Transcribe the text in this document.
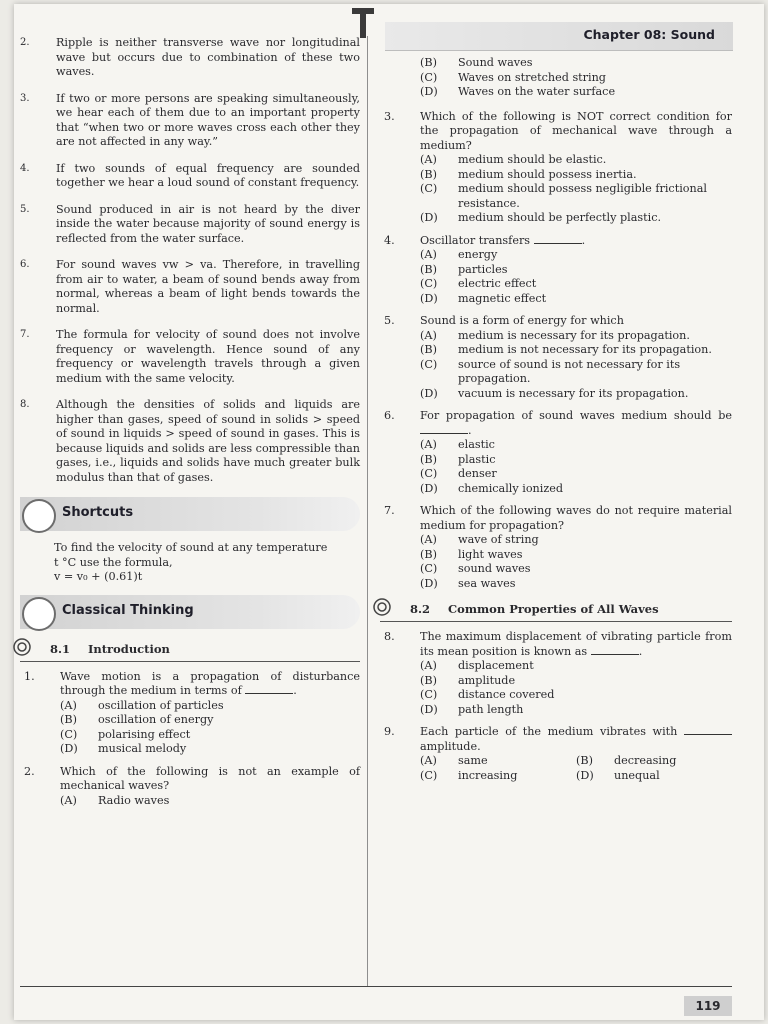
Chapter 08: Sound
2.	Ripple is neither transverse wave nor longitudinal wave but occurs due to combination of these two waves.
3.	If two or more persons are speaking simultaneously, we hear each of them due to an important property that “when two or more waves cross each other they are not affected in any way.”
4.	If two sounds of equal frequency are sounded together we hear a loud sound of constant frequency.
5.	Sound produced in air is not heard by the diver inside the water because majority of sound energy is reflected from the water surface.
6.	For sound waves vw > va. Therefore, in travelling from air to water, a beam of sound bends away from normal, whereas a beam of light bends towards the normal.
7.	The formula for velocity of sound does not involve frequency or wavelength. Hence sound of any frequency or wavelength travels through a given medium with the same velocity.
8.	Although the densities of solids and liquids are higher than gases, speed of sound in solids > speed of sound in liquids > speed of sound in gases. This is because liquids and solids are less compressible than gases, i.e., liquids and solids have much greater bulk modulus than that of gases.
Shortcuts
To find the velocity of sound at any temperature
t °C use the formula,
v = v₀ + (0.61)t
Classical Thinking
8.1 Introduction
1. Wave motion is a propagation of disturbance through the medium in terms of	.
(A)	oscillation of particles
(B)	oscillation of energy
(C)	polarising effect
(D)	musical melody
2. Which of the following is not an example of mechanical waves?
(A)	Radio waves
(B)	Sound waves
(C)	Waves on stretched string
(D)	Waves on the water surface
3. Which of the following is NOT correct condition for the propagation of mechanical wave through a medium?
(A)	medium should be elastic.
(B)	medium should possess inertia.
(C)	medium should possess negligible frictional resistance.
(D)	medium should be perfectly plastic.
4. Oscillator transfers	.
(A)	energy
(B)	particles
(C)	electric effect
(D)	magnetic effect
5. Sound is a form of energy for which
(A)	medium is necessary for its propagation.
(B)	medium is not necessary for its propagation.
(C)	source of sound is not necessary for its propagation.
(D)	vacuum is necessary for its propagation.
6. For propagation of sound waves medium should be .
(A)	elastic
(B)	plastic
(C)	denser
(D)	chemically ionized
7. Which of the following waves do not require material medium for propagation?
(A)	wave of string
(B)	light waves
(C)	sound waves
(D)	sea waves
8.2 Common Properties of All Waves
8. The maximum displacement of vibrating particle from its mean position is known as	.
(A)	displacement
(B)	amplitude
(C)	distance covered
(D)	path length
9. Each particle of the medium vibrates with  amplitude.
(A)	same	(B)	decreasing
(C)	increasing	(D)	unequal
119
